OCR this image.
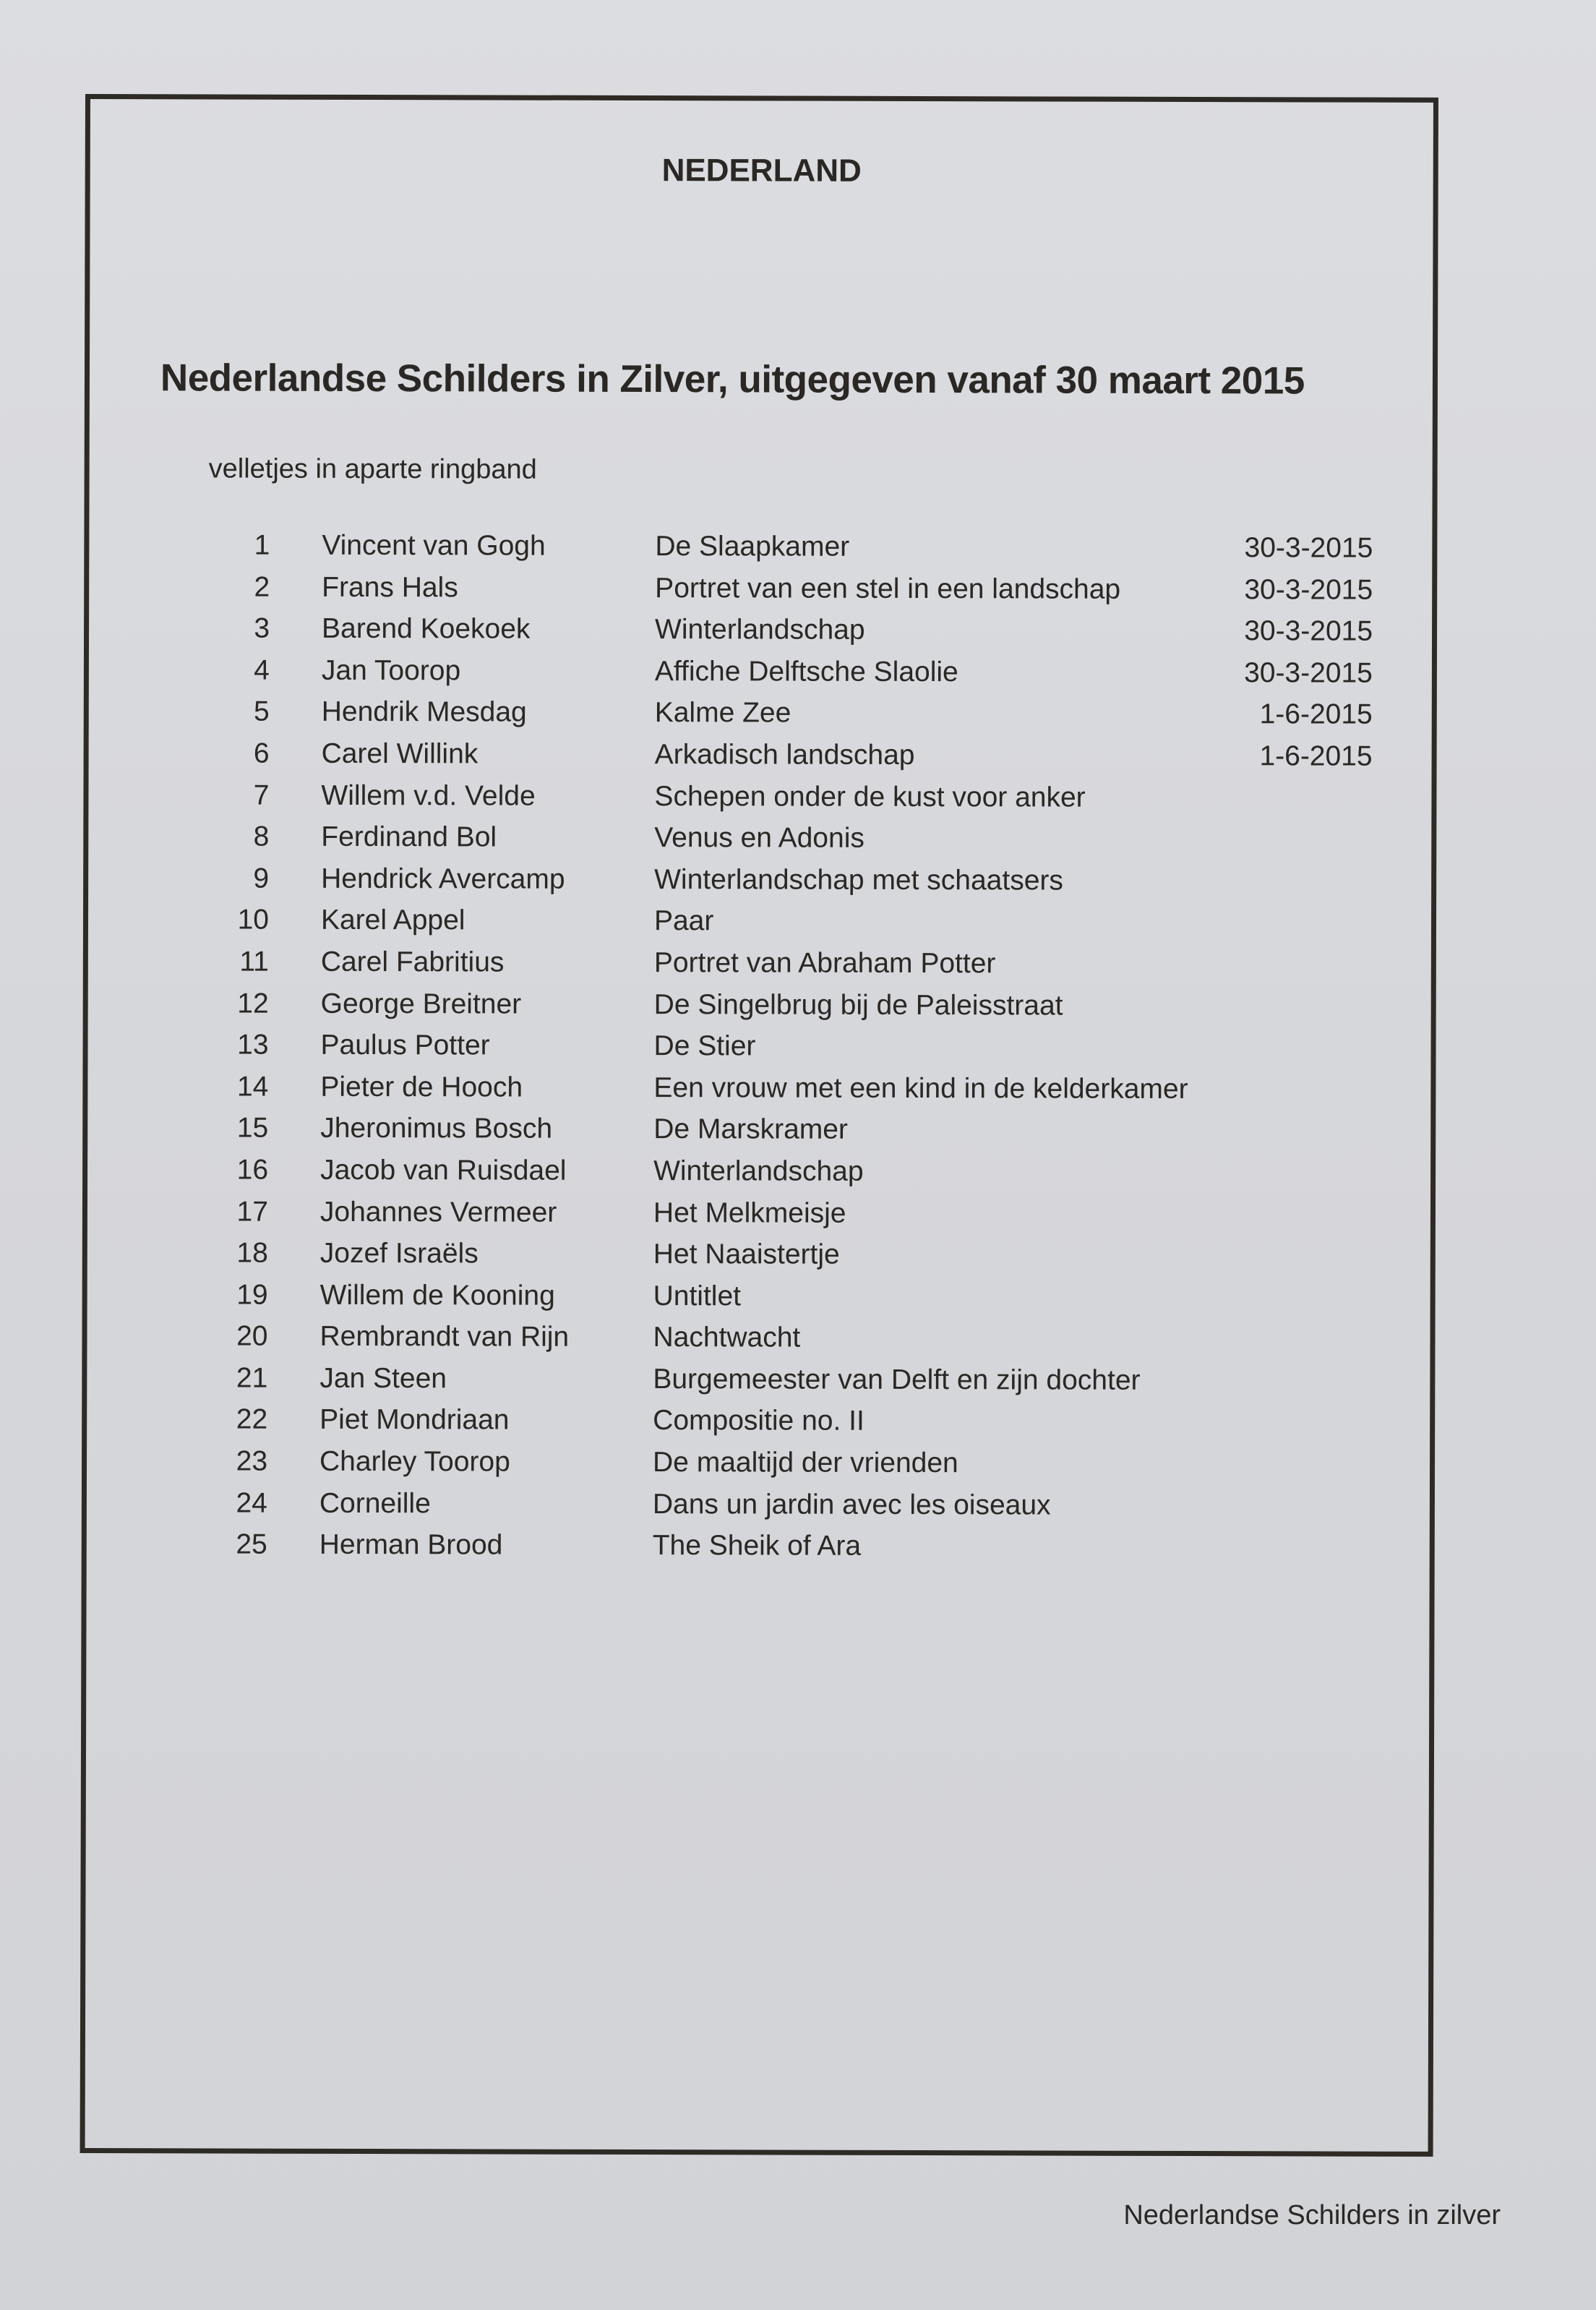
NEDERLAND
Nederlandse Schilders in Zilver, uitgegeven vanaf 30 maart 2015
velletjes in aparte ringband
1 Vincent van Gogh	De Slaapkamer	30-3-2015
2 Frans Hals	Portret van een stel in een landschap	30-3-2015
3 Barend Koekoek	Winterlandschap	30-3-2015
4 Jan Toorop	Affiche Delftsche Slaolie	30-3-2015
5 Hendrik Mesdag	Kalme Zee	1-6-2015
6 Carel Willink	Arkadisch landschap	1-6-2015
7 Willem v.d. Velde	Schepen onder de kust voor anker
8 Ferdinand Bol	Venus en Adonis
9 Hendrick Avercamp	Winterlandschap met schaatsers
10 Karel Appel	Paar
11 Carel Fabritius	Portret van Abraham Potter
12 George Breitner	De Singelbrug bij de Paleisstraat
13 Paulus Potter	De Stier
14 Pieter de Hooch	Een vrouw met een kind in de kelderkamer
15 Jheronimus Bosch	De Marskramer
16 Jacob van Ruisdael	Winterlandschap
17 Johannes Vermeer	Het Melkmeisje
18 Jozef Israëls	Het Naaistertje
19 Willem de Kooning	Untitlet
20 Rembrandt van Rijn	Nachtwacht
21 Jan Steen	Burgemeester van Delft en zijn dochter
22 Piet Mondriaan	Compositie no. II
23 Charley Toorop	De maaltijd der vrienden
24 Corneille	Dans un jardin avec les oiseaux
25 Herman Brood	The Sheik of Ara
Nederlandse Schilders in zilver
